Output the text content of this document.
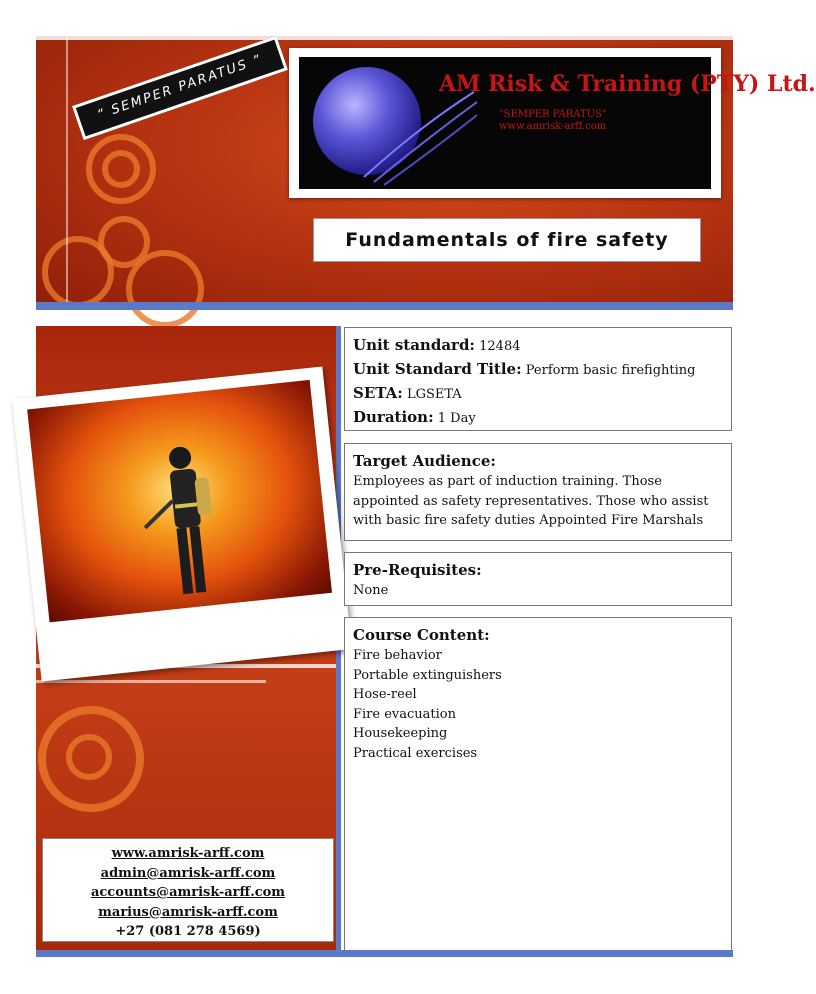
“ SEMPER PARATUS ”	AM Risk & Training (PTY) Ltd.
"SEMPER PARATUS"
www.amrisk-arff.com
Fundamentals of fire safety
www.amrisk-arff.com
admin@amrisk-arff.com
accounts@amrisk-arff.com
marius@amrisk-arff.com
+27 (081 278 4569)
Unit standard: 12484
Unit Standard Title: Perform basic firefighting
SETA: LGSETA
Duration: 1 Day
Target Audience:
Employees as part of induction training. Those appointed as safety representatives. Those who assist with basic fire safety duties Appointed Fire Marshals
Pre-Requisites:
None
Course Content:
Fire behavior
Portable extinguishers
Hose-reel
Fire evacuation
Housekeeping
Practical exercises
